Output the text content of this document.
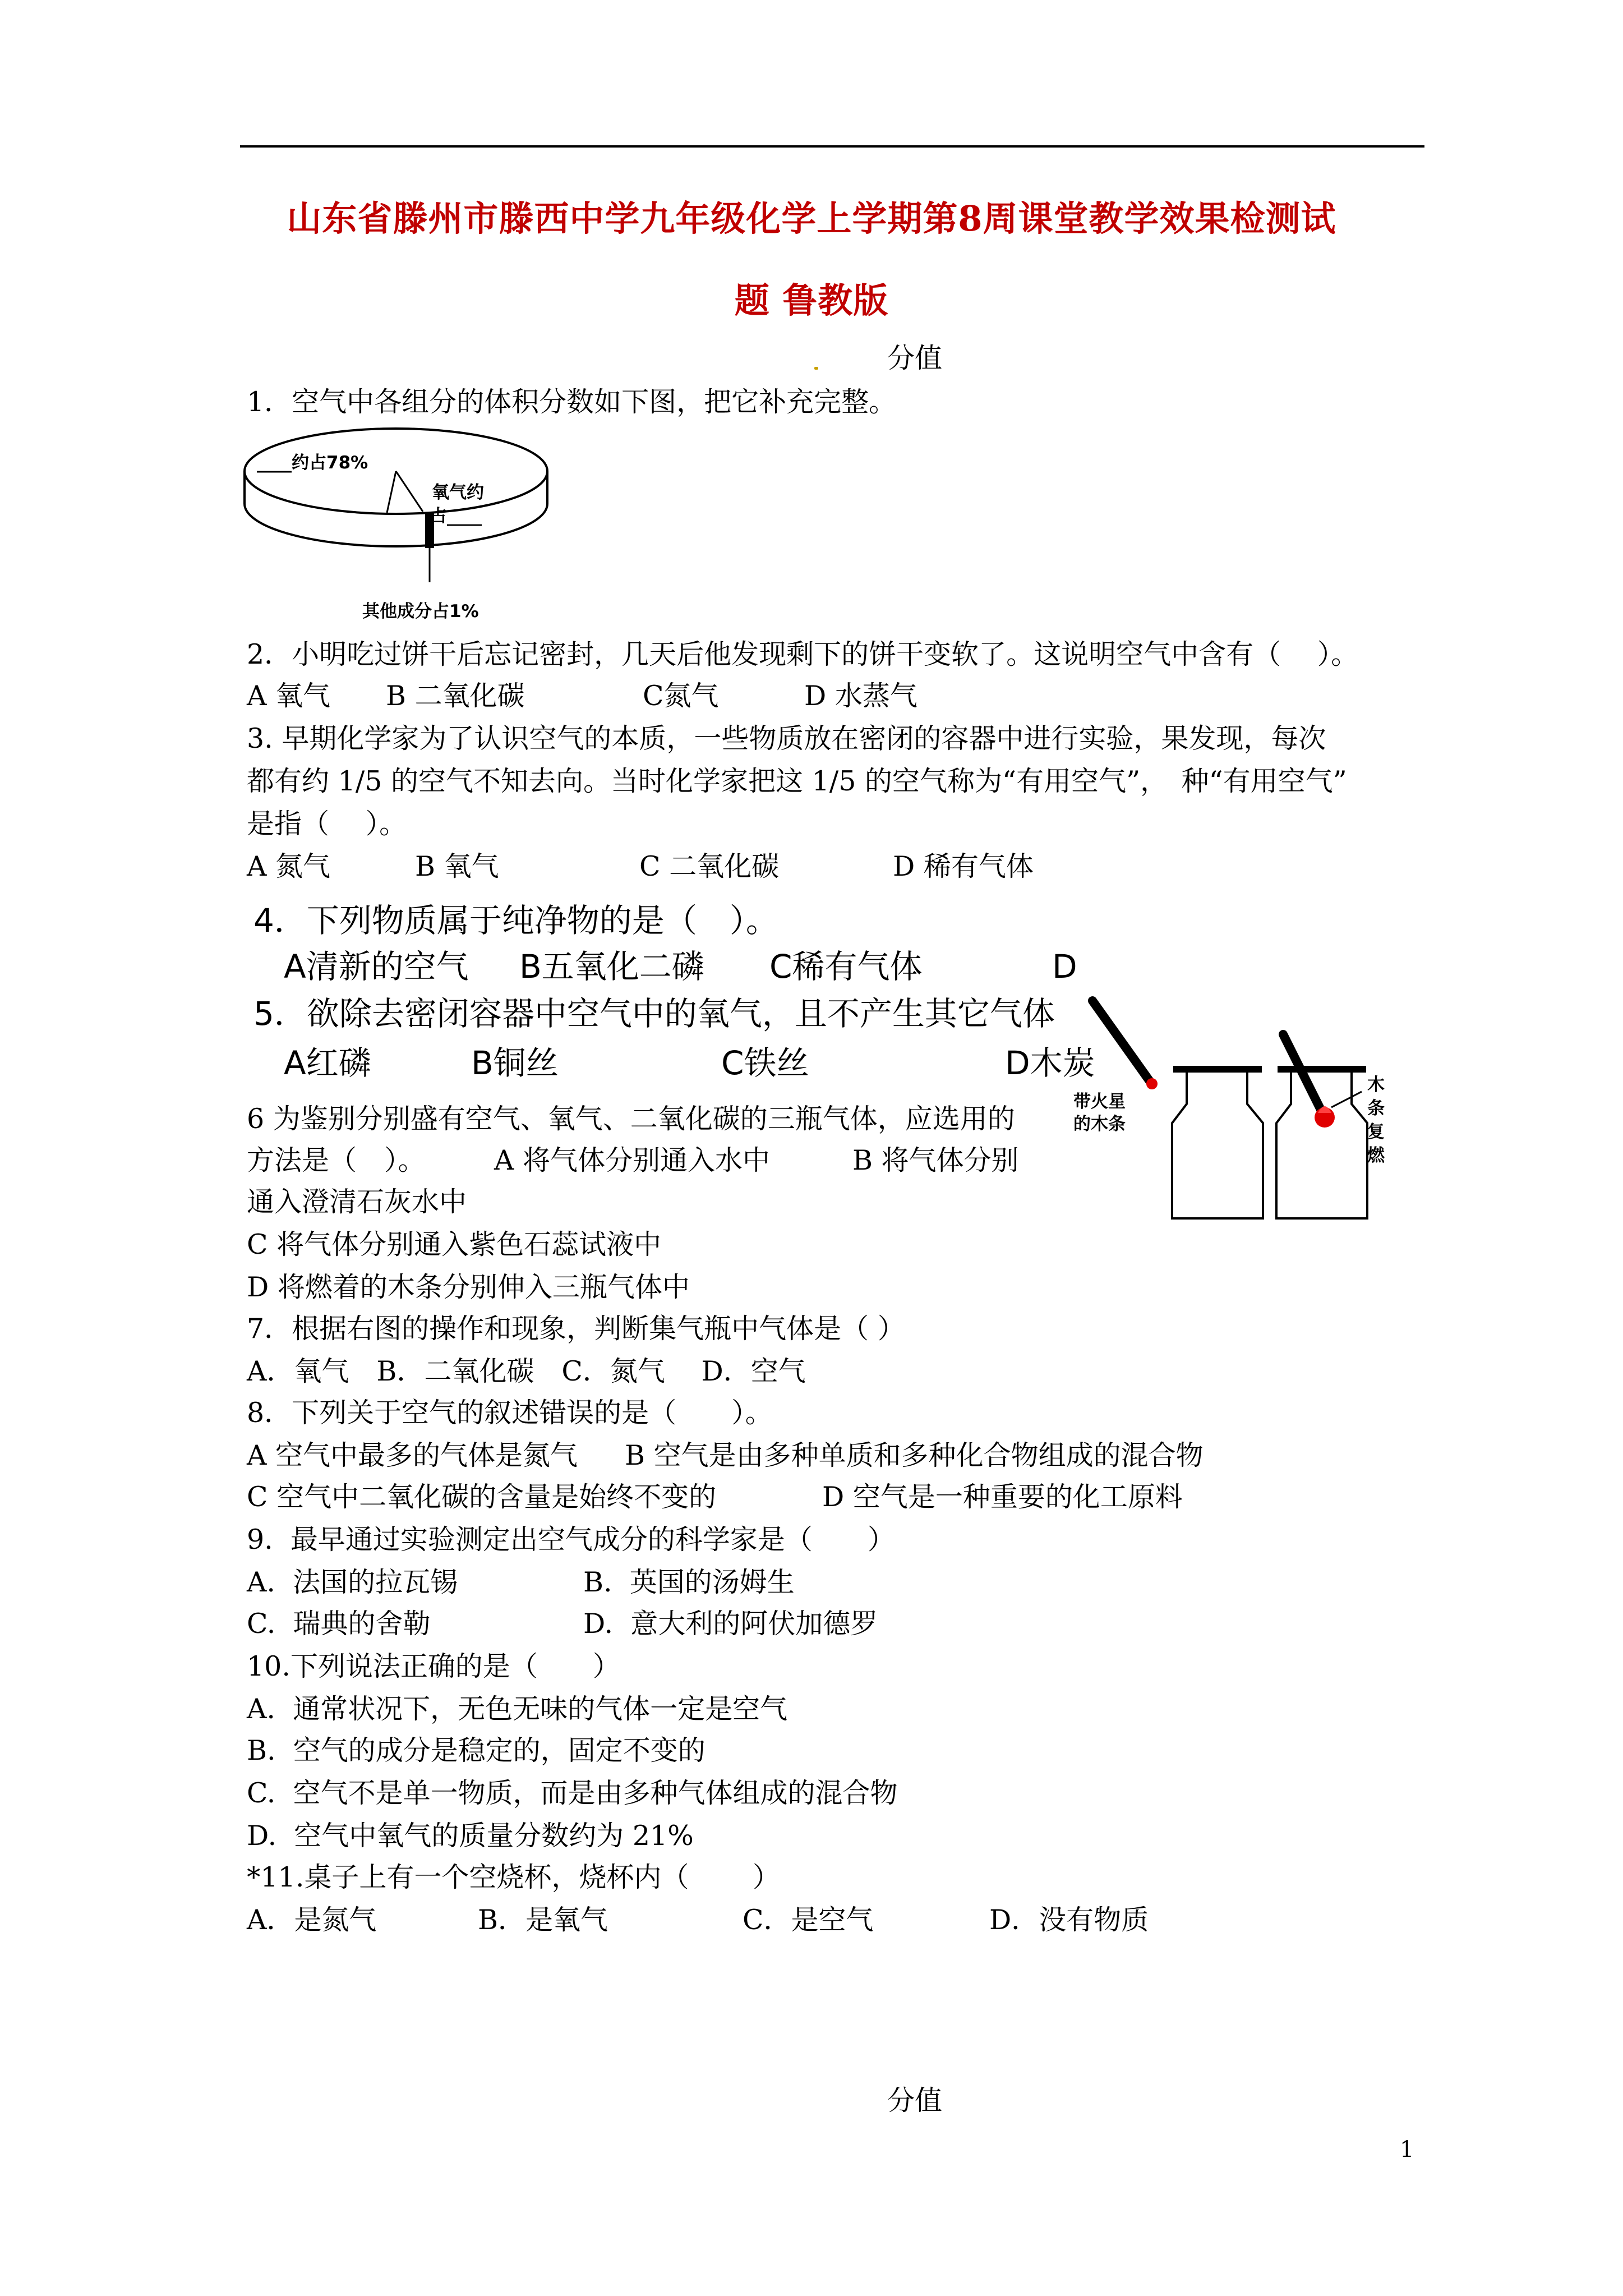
山东省滕州市滕西中学九年级化学上学期第8周课堂教学效果检测试
题 鲁教版
分值
1．空气中各组分的体积分数如下图，把它补充完整。
____约占78%
氧气约
占____
其他成分占1%
2．小明吃过饼干后忘记密封，几天后他发现剩下的饼干变软了。这说明空气中含有（　 ）。
A 氧气 B 二氧化碳	C氮气	D 水蒸气
3. 早期化学家为了认识空气的本质，一些物质放在密闭的容器中进行实验，果发现，每次
都有约 1/5 的空气不知去向。当时化学家把这 1/5 的空气称为“有用空气”，　种“有用空气”
是指（　 ）。
A 氮气	B 氧气	C 二氧化碳	D 稀有气体
4．下列物质属于纯净物的是（　）。
A清新的空气 B五氧化二磷 C稀有气体	D
5．欲除去密闭容器中空气中的氧气，且不产生其它气体
A红磷	B铜丝	C铁丝	D木炭
带火星
的木条
木
条
复
燃
6 为鉴别分别盛有空气、氧气、二氧化碳的三瓶气体，应选用的
方法是（　）。　　　A 将气体分别通入水中　　　B 将气体分别
通入澄清石灰水中
C 将气体分别通入紫色石蕊试液中
D 将燃着的木条分别伸入三瓶气体中
7．根据右图的操作和现象，判断集气瓶中气体是（ ）
A．氧气　B．二氧化碳　C．氮气　 D．空气
8．下列关于空气的叙述错误的是（　　）。
A 空气中最多的气体是氮气 B 空气是由多种单质和多种化合物组成的混合物
C 空气中二氧化碳的含量是始终不变的	D 空气是一种重要的化工原料
9.  最早通过实验测定出空气成分的科学家是（　　）
A.  法国的拉瓦锡	B.  英国的汤姆生
C.  瑞典的舍勒	D.  意大利的阿伏加德罗
10.下列说法正确的是（　　）
A.  通常状况下，无色无味的气体一定是空气
B.  空气的成分是稳定的，固定不变的
C.  空气不是单一物质，而是由多种气体组成的混合物
D.  空气中氧气的质量分数约为 21%
*11.桌子上有一个空烧杯，烧杯内（　　 ）
A．是氮气	B．是氧气	C．是空气	D．没有物质
分值
1
